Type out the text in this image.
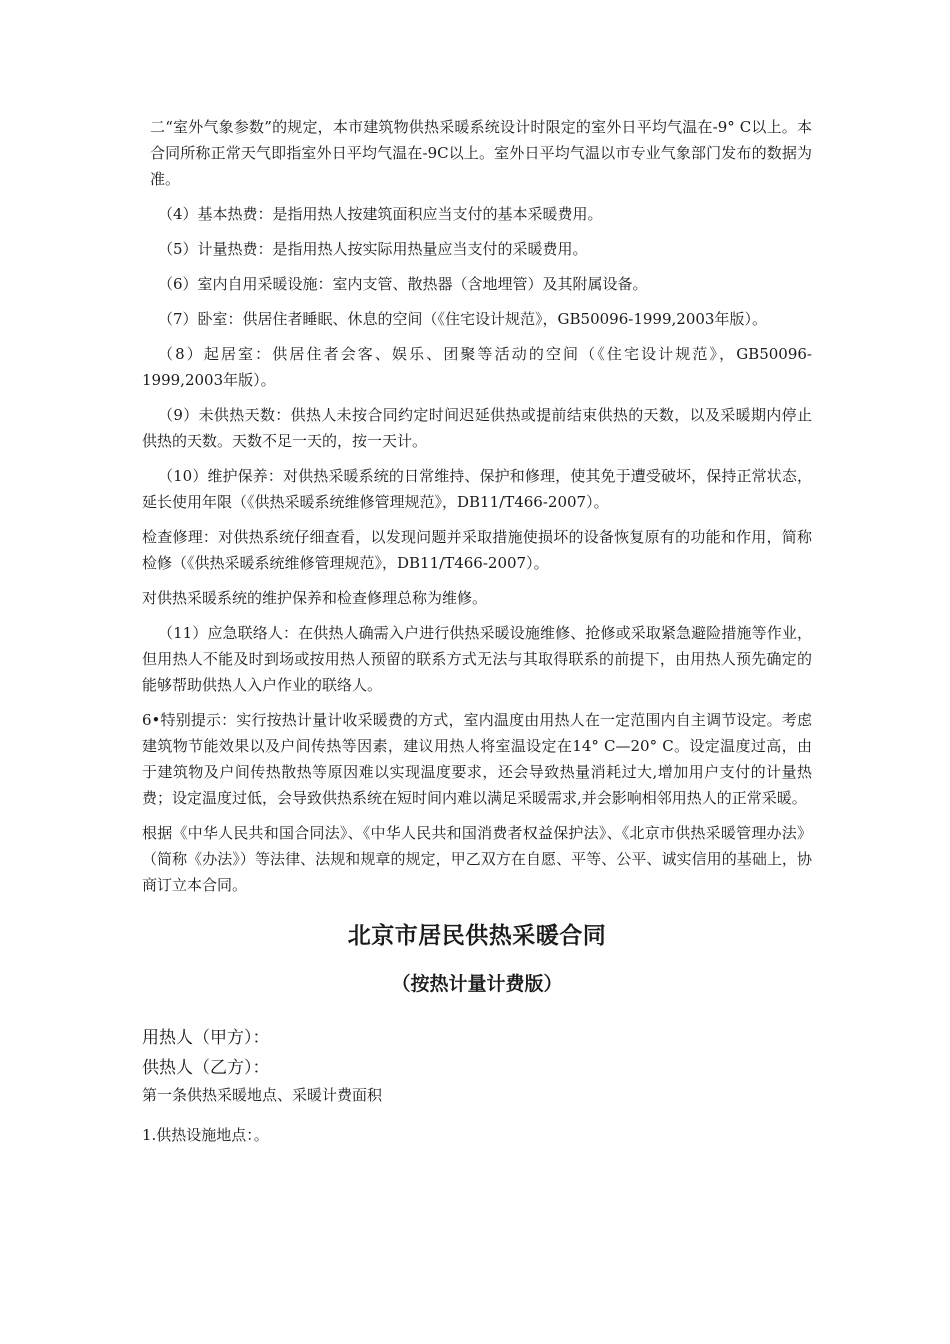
二“室外气象参数”的规定，本市建筑物供热采暖系统设计时限定的室外日平均气温在-9° C以上。本合同所称正常天气即指室外日平均气温在-9C以上。室外日平均气温以市专业气象部门发布的数据为准。

（4）基本热费：是指用热人按建筑面积应当支付的基本采暖费用。

（5）计量热费：是指用热人按实际用热量应当支付的采暖费用。

（6）室内自用采暖设施：室内支管、散热器（含地埋管）及其附属设备。

（7）卧室：供居住者睡眠、休息的空间（《住宅设计规范》，GB50096-1999,2003年版）。

（8）起居室：供居住者会客、娱乐、团聚等活动的空间（《住宅设计规范》，GB50096-1999,2003年版）。

（9）未供热天数：供热人未按合同约定时间迟延供热或提前结束供热的天数，以及采暖期内停止供热的天数。天数不足一天的，按一天计。

（10）维护保养：对供热采暖系统的日常维持、保护和修理，使其免于遭受破坏，保持正常状态，延长使用年限（《供热采暖系统维修管理规范》，DB11/T466-2007）。

检查修理：对供热系统仔细查看，以发现问题并采取措施使损坏的设备恢复原有的功能和作用，简称检修（《供热采暖系统维修管理规范》，DB11/T466-2007）。

对供热采暖系统的维护保养和检查修理总称为维修。

（11）应急联络人：在供热人确需入户进行供热采暖设施维修、抢修或采取紧急避险措施等作业，但用热人不能及时到场或按用热人预留的联系方式无法与其取得联系的前提下，由用热人预先确定的能够帮助供热人入户作业的联络人。

6•特别提示：实行按热计量计收采暖费的方式，室内温度由用热人在一定范围内自主调节设定。考虑建筑物节能效果以及户间传热等因素，建议用热人将室温设定在14° C—20° C。设定温度过高，由于建筑物及户间传热散热等原因难以实现温度要求，还会导致热量消耗过大,增加用户支付的计量热费；设定温度过低，会导致供热系统在短时间内难以满足采暖需求,并会影响相邻用热人的正常采暖。

根据《中华人民共和国合同法》、《中华人民共和国消费者权益保护法》、《北京市供热采暖管理办法》（简称《办法》）等法律、法规和规章的规定，甲乙双方在自愿、平等、公平、诚实信用的基础上，协商订立本合同。

北京市居民供热采暖合同
（按热计量计费版）

用热人（甲方）：

供热人（乙方）：

第一条供热采暖地点、采暖计费面积

1.供热设施地点：。
